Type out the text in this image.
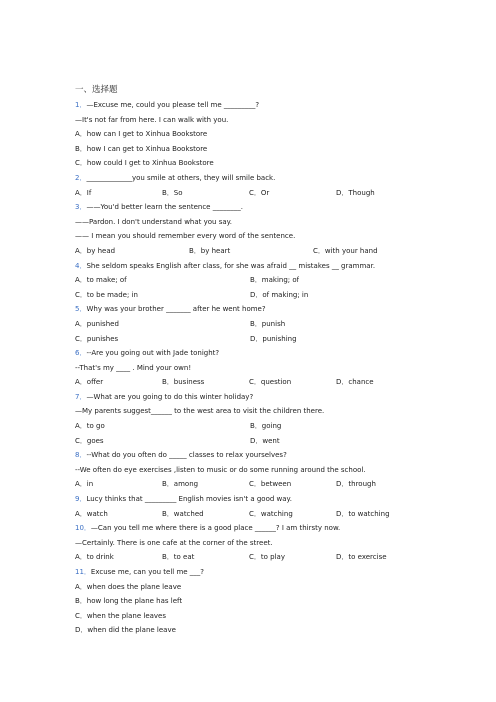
一、选择题
1．—Excuse me, could you please tell me _________?
—It's not far from here. I can walk with you.
A．how can I get to Xinhua Bookstore
B．how I can get to Xinhua Bookstore
C．how could I get to Xinhua Bookstore
2．_____________you smile at others, they will smile back.
A．If	B．So	C．Or	D．Though
3．——You'd better learn the sentence ________.
——Pardon. I don't understand what you say.
—— I mean you should remember every word of the sentence.
A．by head	B．by heart	C．with your hand
4．She seldom speaks English after class, for she was afraid __ mistakes __ grammar.
A．to make; of	B．making; of
C．to be made; in	D．of making; in
5．Why was your brother _______ after he went home?
A．punished	B．punish
C．punishes	D．punishing
6．--Are you going out with Jade tonight?
--That's my ____ . Mind your own!
A．offer	B．business	C．question	D．chance
7．—What are you going to do this winter holiday?
—My parents suggest______ to the west area to visit the children there.
A．to go	B．going
C．goes	D．went
8．--What do you often do _____ classes to relax yourselves?
--We often do eye exercises ,listen to music or do some running around the school.
A．in	B．among	C．between	D．through
9．Lucy thinks that _________ English movies isn't a good way.
A．watch	B．watched	C．watching	D．to watching
10．—Can you tell me where there is a good place ______? I am thirsty now.
—Certainly. There is one cafe at the corner of the street.
A．to drink	B．to eat	C．to play	D．to exercise
11．Excuse me, can you tell me ___?
A．when does the plane leave
B．how long the plane has left
C．when the plane leaves
D．when did the plane leave
